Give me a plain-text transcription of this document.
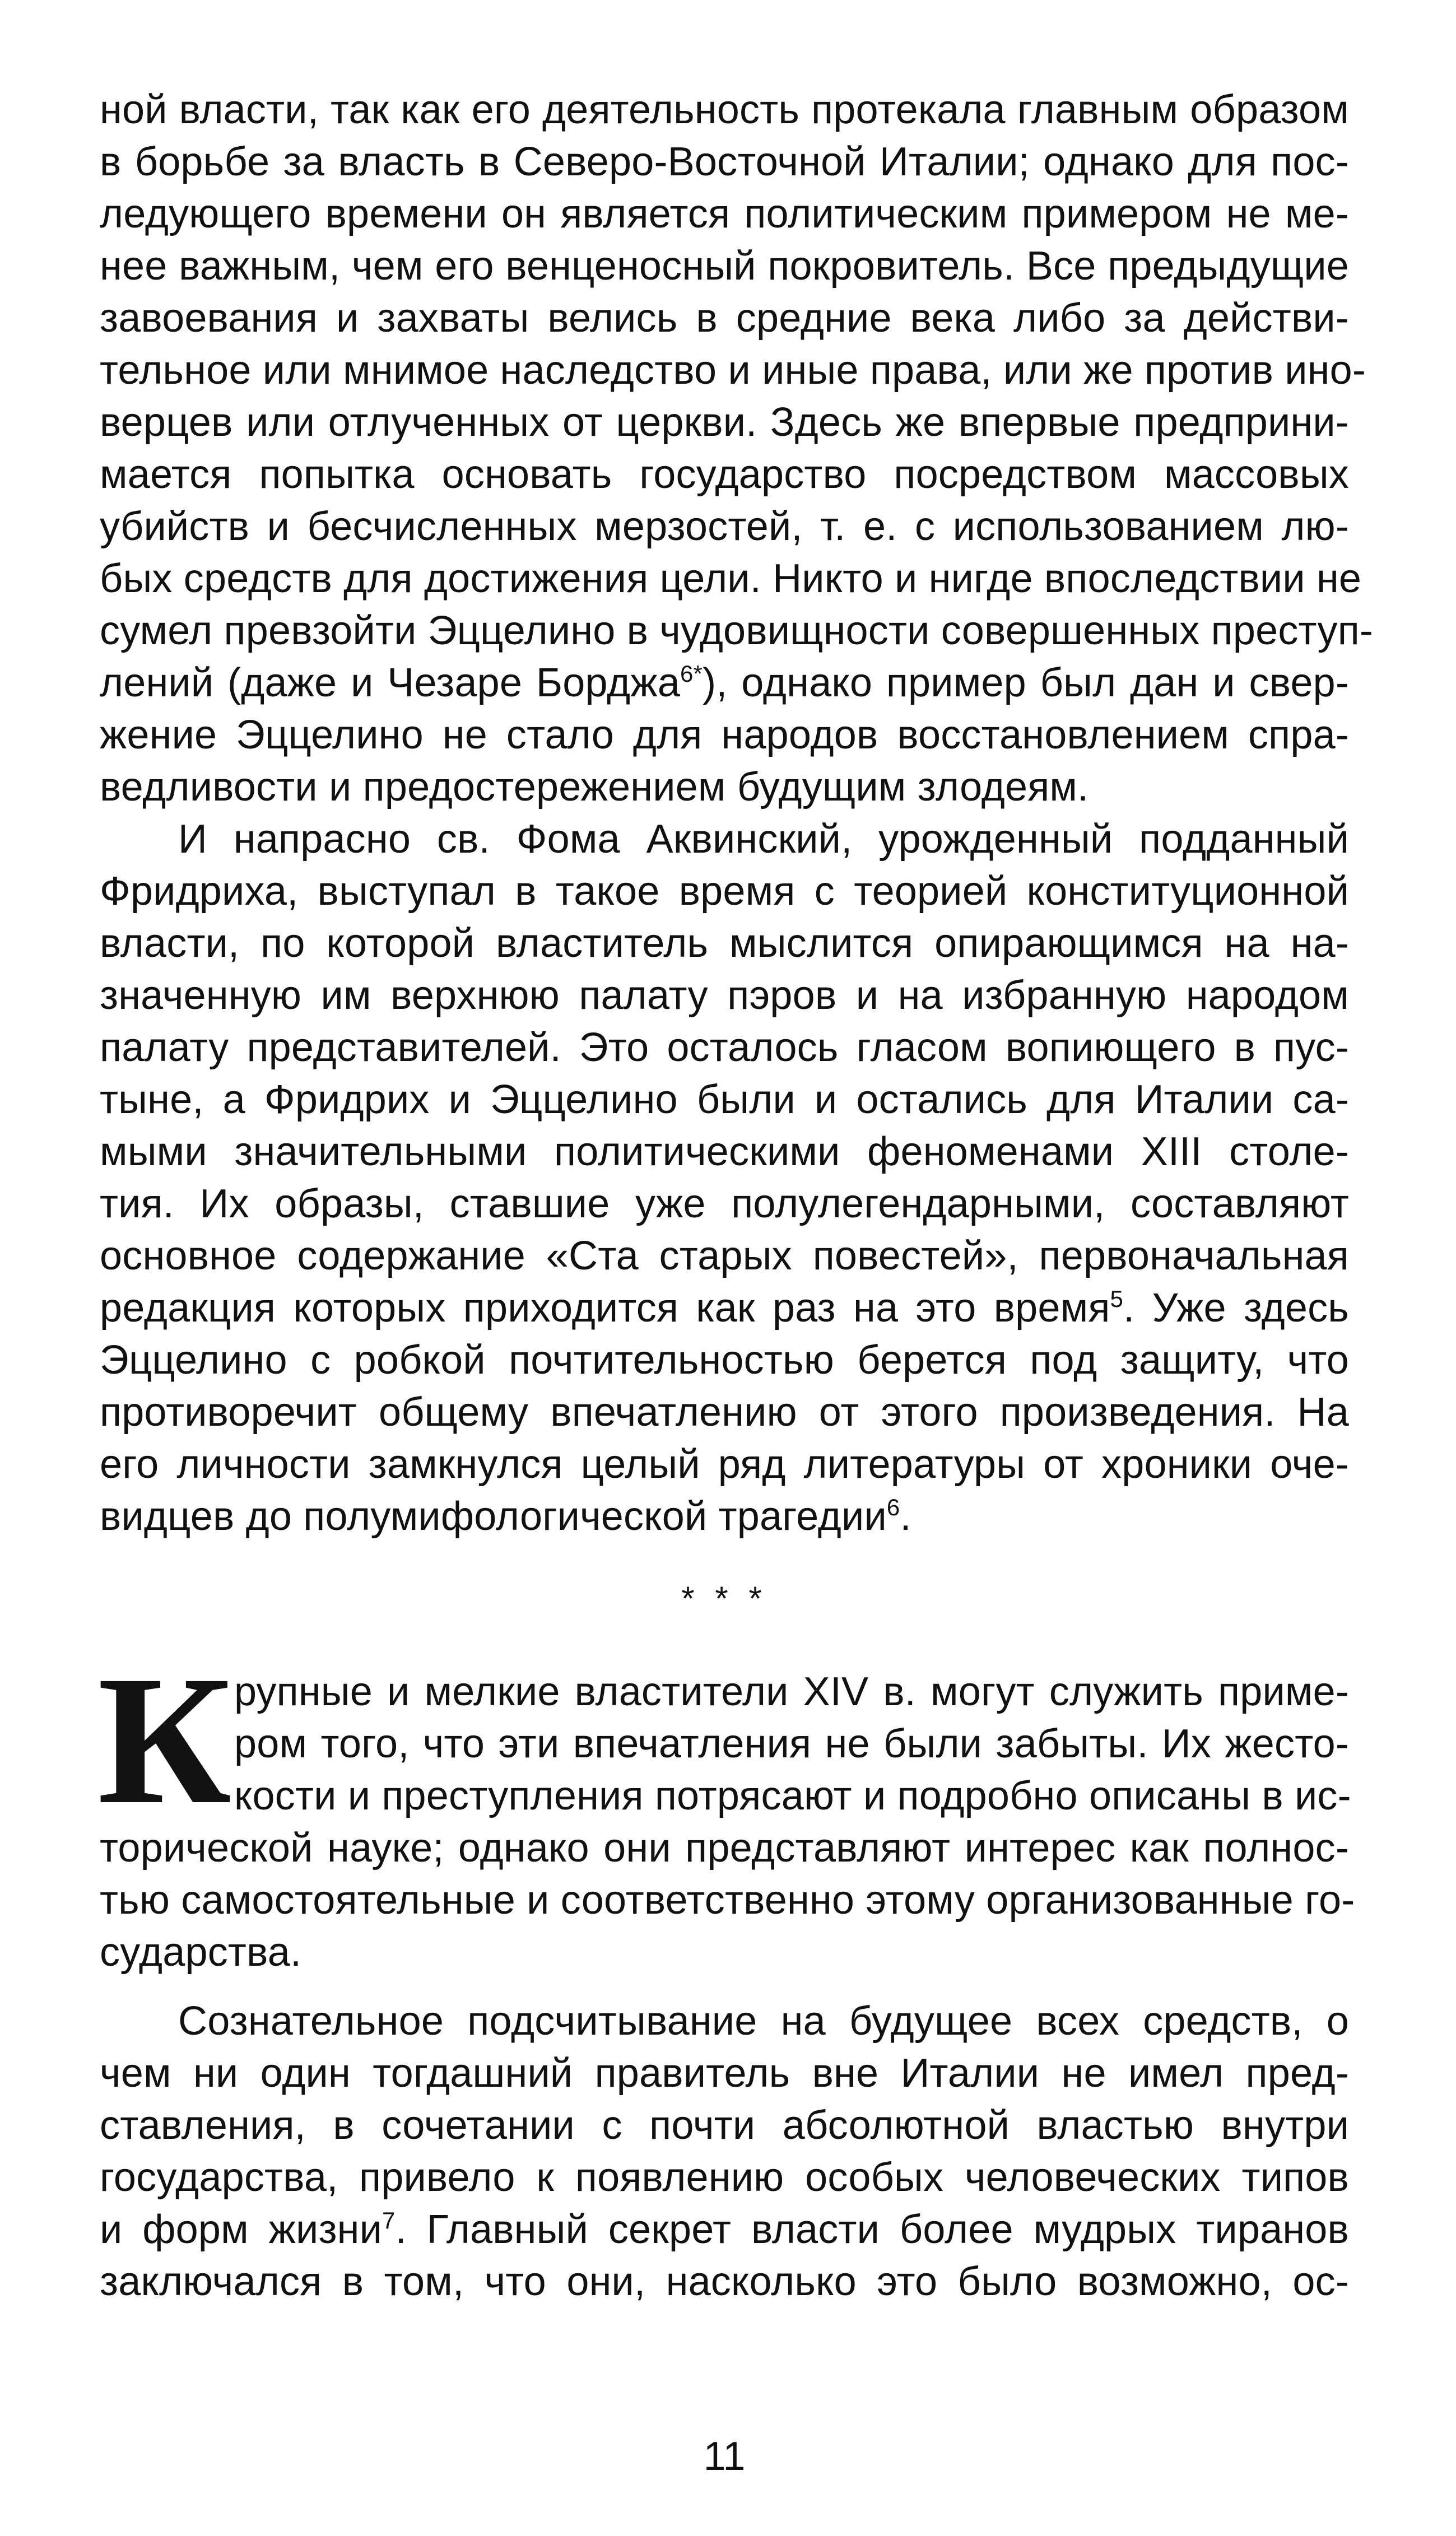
ной власти, так как его деятельность протекала главным образом
в борьбе за власть в Северо-Восточной Италии; однако для пос-
ледующего времени он является политическим примером не ме-
нее важным, чем его венценосный покровитель. Все предыдущие
завоевания и захваты велись в средние века либо за действи-
тельное или мнимое наследство и иные права, или же против ино-
верцев или отлученных от церкви. Здесь же впервые предприни-
мается попытка основать государство посредством массовых
убийств и бесчисленных мерзостей, т. е. с использованием лю-
бых средств для достижения цели. Никто и нигде впоследствии не
сумел превзойти Эццелино в чудовищности совершенных преступ-
лений (даже и Чезаре Борджа$^{6*}$), однако пример был дан и свер-
жение Эццелино не стало для народов восстановлением спра-
ведливости и предостережением будущим злодеям.
И напрасно св. Фома Аквинский, урожденный подданный
Фридриха, выступал в такое время с теорией конституционной
власти, по которой властитель мыслится опирающимся на на-
значенную им верхнюю палату пэров и на избранную народом
палату представителей. Это осталось гласом вопиющего в пус-
тыне, а Фридрих и Эццелино были и остались для Италии са-
мыми значительными политическими феноменами XIII столе-
тия. Их образы, ставшие уже полулегендарными, составляют
основное содержание «Ста старых повестей», первоначальная
редакция которых приходится как раз на это время$^5$. Уже здесь
Эццелино с робкой почтительностью берется под защиту, что
противоречит общему впечатлению от этого произведения. На
его личности замкнулся целый ряд литературы от хроники оче-
видцев до полумифологической трагедии$^6$.
* * *
К рупные и мелкие властители XIV в. могут служить приме-
ром того, что эти впечатления не были забыты. Их жесто-
кости и преступления потрясают и подробно описаны в ис-
торической науке; однако они представляют интерес как полнос-
тью самостоятельные и соответственно этому организованные го-
сударства.
Сознательное подсчитывание на будущее всех средств, о
чем ни один тогдашний правитель вне Италии не имел пред-
ставления, в сочетании с почти абсолютной властью внутри
государства, привело к появлению особых человеческих типов
и форм жизни$^7$. Главный секрет власти более мудрых тиранов
заключался в том, что они, насколько это было возможно, ос-
11
